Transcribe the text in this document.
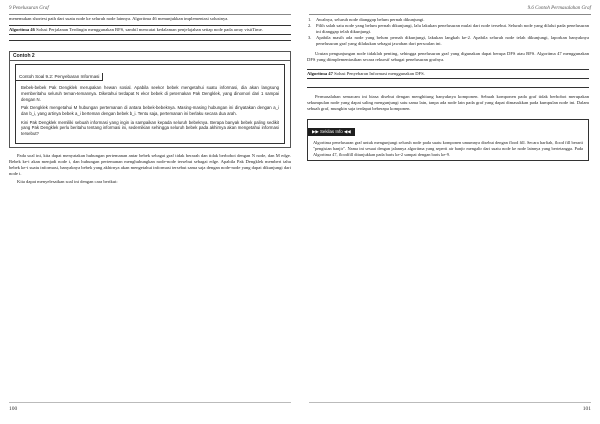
9 Penelusuran Graf

menemukan shortest path dari suatu node ke seluruh node lainnya. Algoritma 46 menunjukkan implementasi solusinya.

Algoritma 46 Solusi Perjalanan Terdingin menggunakan BFS, sambil mencatat kedalaman penjelajahan setiap node pada array visitTime.
Contoh 2
Contoh Soal 9.2: Penyebaran Informasi

Bebek-bebek Pak Dengklek merupakan hewan sosial. Apabila seekor bebek mengetahui suatu informasi, dia akan langsung memberitahu seluruh teman-temannya. Diketahui terdapat N ekor bebek di peternakan Pak Dengklek, yang dinomori dari 1 sampai dengan N.

Pak Dengklek mengetahui M hubungan pertemanan di antara bebek-bebeknya. Masing-masing hubungan ini dinyatakan dengan a_i dan b_i, yang artinya bebek a_i berteman dengan bebek b_i. Tentu saja, pertemanan ini berlaku secara dua arah.

Kini Pak Dengklek memiliki sebuah informasi yang ingin ia sampaikan kepada seluruh bebeknya. Berapa banyak bebek paling sedikit yang Pak Dengklek perlu beritahu tentang informasi ini, sedemikian sehingga seluruh bebek pada akhirnya akan mengetahui informasi tersebut?

Pada soal ini, kita dapat menyatakan hubungan pertemanan antar bebek sebagai graf tidak berarah dan tidak berbobot dengan N node, dan M edge. Bebek ke-i akan menjadi node i, dan hubungan pertemanan menghubungkan node-node tersebut sebagai edge. Apabila Pak Dengklek memberi tahu bebek ke-i suatu informasi, banyaknya bebek yang akhirnya akan mengetahui informasi tersebut sama saja dengan node-node yang dapat dikunjungi dari node i.

Kita dapat menyelesaikan soal ini dengan cara berikut:

100
9.6 Contoh Permasalahan Graf
1. Awalnya, seluruh node dianggap belum pernah dikunjungi.
2. Pilih salah satu node yang belum pernah dikunjungi, lalu lakukan penelusuran mulai dari node tersebut. Seluruh node yang dilalui pada penelusuran ini dianggap telah dikunjungi.
3. Apabila masih ada node yang belum pernah dikunjungi, lakukan langkah ke-2. Apabila seluruh node telah dikunjungi, laporkan banyaknya penelusuran graf yang dilakukan sebagai jawaban dari persoalan ini.

Urutan pengunjungan node tidaklah penting, sehingga penelusuran graf yang digunakan dapat berupa DFS atau BFS. Algoritma 47 menggunakan DFS yang diimplementasikan secara rekursif sebagai penelusuran grafnya.

Algoritma 47 Solusi Penyebaran Informasi menggunakan DFS.

Permasalahan semacam ini biasa disebut dengan menghitung banyaknya komponen. Sebuah komponen pada graf tidak berbobot merupakan sekumpulan node yang dapat saling mengunjungi satu sama lain, tanpa ada node lain pada graf yang dapat dimasukkan pada kumpulan node ini. Dalam sebuah graf, mungkin saja terdapat beberapa komponen.

▶▶ Sekilas Info ◀◀
Algoritma penelusuran graf untuk mengunjungi seluruh node pada suatu komponen umumnya disebut dengan flood fill. Secara harfiah, flood fill berarti "pengisian banjir". Nama ini sesuai dengan jalannya algoritma yang seperti air banjir mengalir dari suatu node ke node lainnya yang bertetangga. Pada Algoritma 47, floodfill ditunjukkan pada baris ke-2 sampai dengan baris ke-9.
101
